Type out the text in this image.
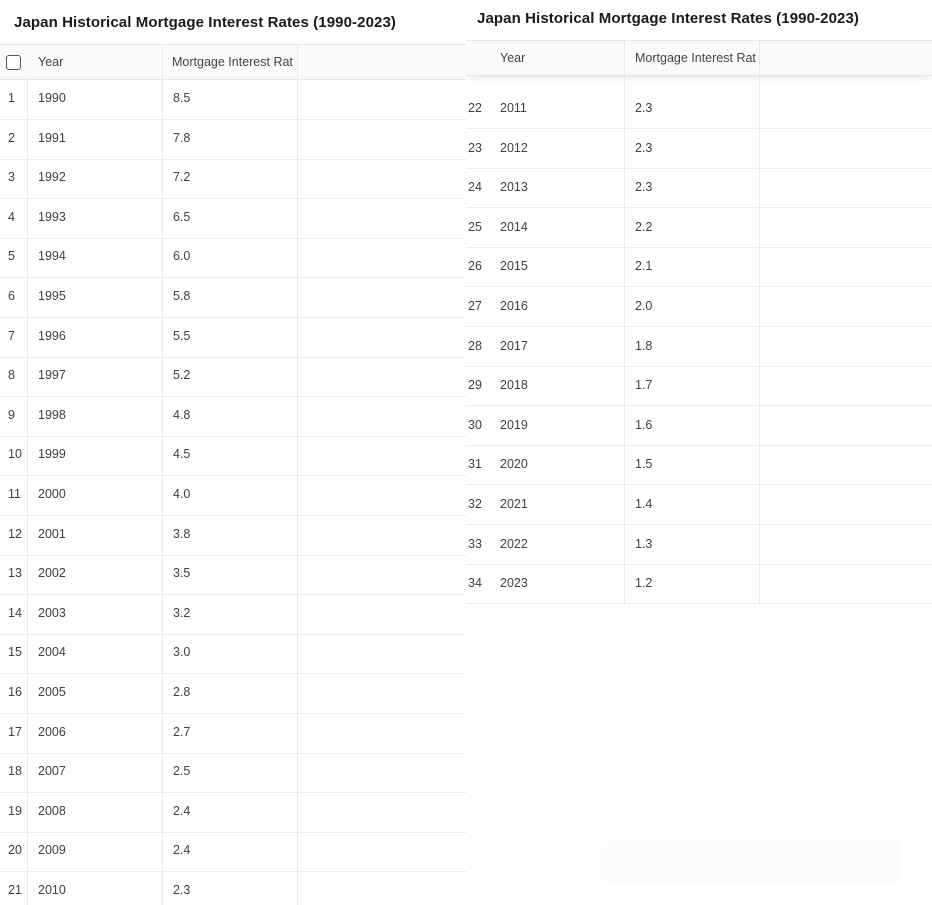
Japan Historical Mortgage Interest Rates (1990-2023)
Year	Mortgage Interest Rat
1 1990	8.5
2 1991	7.8
3 1992	7.2
4 1993	6.5
5 1994	6.0
6 1995	5.8
7 1996	5.5
8 1997	5.2
9 1998	4.8
10 1999	4.5
11 2000	4.0
12 2001	3.8
13 2002	3.5
14 2003	3.2
15 2004	3.0
16 2005	2.8
17 2006	2.7
18 2007	2.5
19 2008	2.4
20 2009	2.4
21 2010	2.3
Japan Historical Mortgage Interest Rates (1990-2023)
Year	Mortgage Interest Rat
22 2011	2.3
23 2012	2.3
24 2013	2.3
25 2014	2.2
26 2015	2.1
27 2016	2.0
28 2017	1.8
29 2018	1.7
30 2019	1.6
31 2020	1.5
32 2021	1.4
33 2022	1.3
34 2023	1.2
